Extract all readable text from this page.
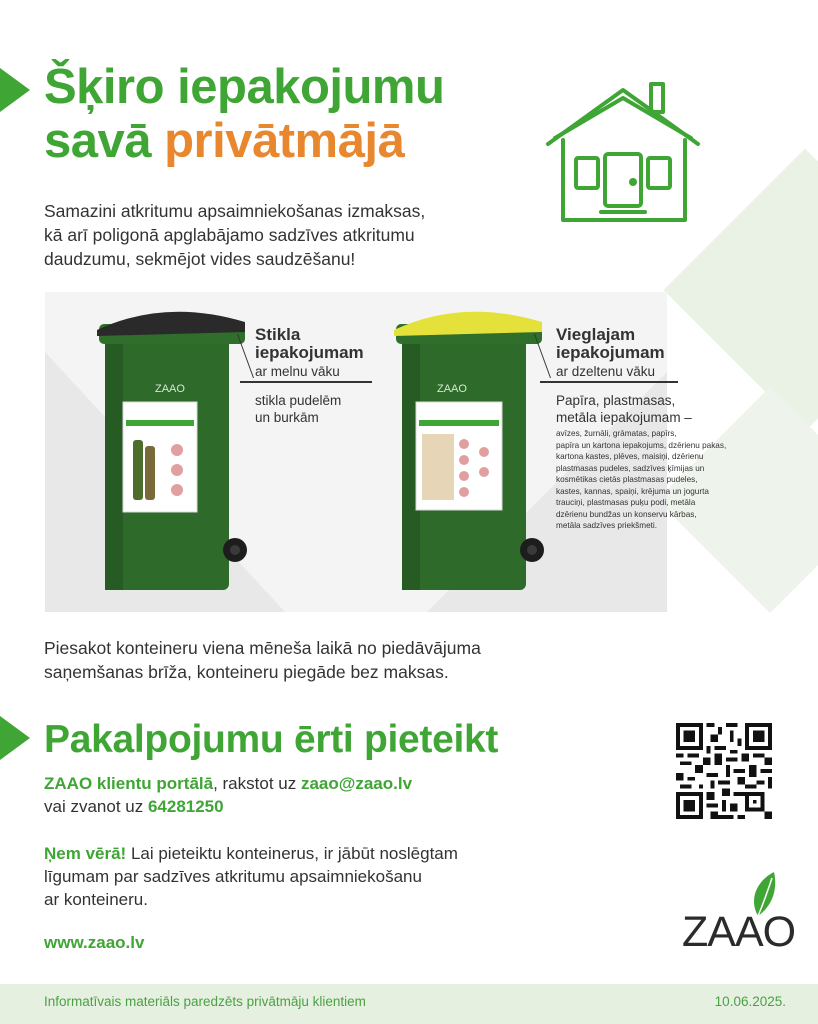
Šķiro iepakojumu
savā privātmājā
Samazini atkritumu apsaimniekošanas izmaksas,
kā arī poligonā apglabājamo sadzīves atkritumu
daudzumu, sekmējot vides saudzēšanu!
ZAAO	ZAAO
Stikla
iepakojumam
ar melnu vāku
stikla pudelēm
un burkām
Vieglajam
iepakojumam
ar dzeltenu vāku
Papīra, plastmasas,
metāla iepakojumam –
avīzes, žurnāli, grāmatas, papīrs,
papīra un kartona iepakojums, dzērienu pakas,
kartona kastes, plēves, maisiņi, dzērienu
plastmasas pudeles, sadzīves ķīmijas un
kosmētikas cietās plastmasas pudeles,
kastes, kannas, spaiņi, krējuma un jogurta
trauciņi, plastmasas puķu podi, metāla
dzērienu bundžas un konservu kārbas,
metāla sadzīves priekšmeti.
Piesakot konteineru viena mēneša laikā no piedāvājuma
saņemšanas brīža, konteineru piegāde bez maksas.
Pakalpojumu ērti pieteikt
ZAAO klientu portālā, rakstot uz zaao@zaao.lv
vai zvanot uz 64281250
Ņem vērā! Lai pieteiktu konteinerus, ir jābūt noslēgtam
līgumam par sadzīves atkritumu apsaimniekošanu
ar konteineru.
www.zaao.lv	ZAAO
Informatīvais materiāls paredzēts privātmāju klientiem	10.06.2025.
